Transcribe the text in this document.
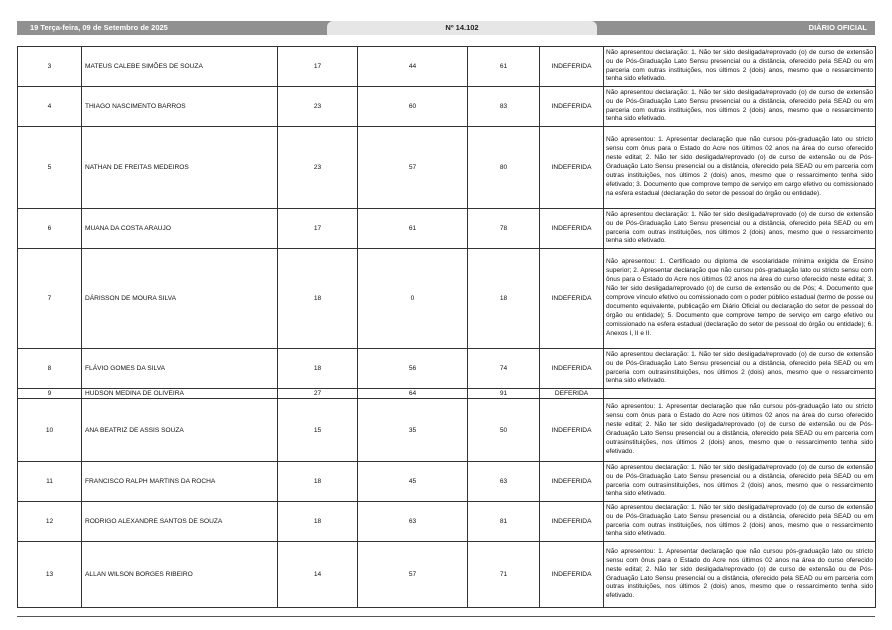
19 Terça-feira, 09 de Setembro de 2025	Nº 14.102	DIÁRIO OFICIAL
3	MATEUS CALEBE SIMÕES DE SOUZA	17	44	61	INDEFERIDA	Não apresentou declaração: 1. Não ter sido desligada/reprovado (o) de curso de extensão ou de Pós-Graduação Lato Sensu presencial ou a distância, oferecido pela SEAD ou em parceria com outras instituições, nos últimos 2 (dois) anos, mesmo que o ressarcimento tenha sido efetivado.
4	THIAGO NASCIMENTO BARROS	23	60	83	INDEFERIDA	Não apresentou declaração: 1. Não ter sido desligada/reprovado (o) de curso de extensão ou de Pós-Graduação Lato Sensu presencial ou a distância, oferecido pela SEAD ou em parceria com outras instituições, nos últimos 2 (dois) anos, mesmo que o ressarcimento tenha sido efetivado.
5	NATHAN DE FREITAS MEDEIROS	23	57	80	INDEFERIDA	Não apresentou: 1. Apresentar declaração que não cursou pós-graduação lato ou stricto sensu com ônus para o Estado do Acre nos últimos 02 anos na área do curso oferecido neste edital; 2. Não ter sido desligada/reprovado (o) de curso de extensão ou de Pós-Graduação Lato Sensu presencial ou a distância, oferecido pela SEAD ou em parceria com outras instituições, nos últimos 2 (dois) anos, mesmo que o ressarcimento tenha sido efetivado; 3. Documento que comprove tempo de serviço em cargo efetivo ou comissionado na esfera estadual (declaração do setor de pessoal do órgão ou entidade).
6	MUANA DA COSTA ARAUJO	17	61	78	INDEFERIDA	Não apresentou declaração: 1. Não ter sido desligada/reprovado (o) de curso de extensão ou de Pós-Graduação Lato Sensu presencial ou a distância, oferecido pela SEAD ou em parceria com outras instituições, nos últimos 2 (dois) anos, mesmo que o ressarcimento tenha sido efetivado.
7	DÁRISSON DE MOURA SILVA	18	0	18	INDEFERIDA	Não apresentou: 1. Certificado ou diploma de escolaridade mínima exigida de Ensino superior; 2. Apresentar declaração que não cursou pós-graduação lato ou stricto sensu com ônus para o Estado do Acre nos últimos 02 anos na área do curso oferecido neste edital; 3. Não ter sido desligada/reprovado (o) de curso de extensão ou de Pós; 4. Documento que comprove vínculo efetivo ou comissionado com o poder público estadual (termo de posse ou documento equivalente, publicação em Diário Oficial ou declaração do setor de pessoal do órgão ou entidade); 5. Documento que comprove tempo de serviço em cargo efetivo ou comissionado na esfera estadual (declaração do setor de pessoal do órgão ou entidade); 6. Anexos I, II e II.
8	FLÁVIO GOMES DA SILVA	18	56	74	INDEFERIDA	Não apresentou declaração: 1. Não ter sido desligada/reprovado (o) de curso de extensão ou de Pós-Graduação Lato Sensu presencial ou a distância, oferecido pela SEAD ou em parceria com outrasinstituições, nos últimos 2 (dois) anos, mesmo que o ressarcimento tenha sido efetivado.
9	HUDSON MEDINA DE OLIVEIRA	27	64	91	DEFERIDA	
10	ANA BEATRIZ DE ASSIS SOUZA	15	35	50	INDEFERIDA	Não apresentou: 1. Apresentar declaração que não cursou pós-graduação lato ou stricto sensu com ônus para o Estado do Acre nos últimos 02 anos na área do curso oferecido neste edital; 2. Não ter sido desligada/reprovado (o) de curso de extensão ou de Pós-Graduação Lato Sensu presencial ou a distância, oferecido pela SEAD ou em parceria com outrasinstituições, nos últimos 2 (dois) anos, mesmo que o ressarcimento tenha sido efetivado.
11	FRANCISCO RALPH MARTINS DA ROCHA	18	45	63	INDEFERIDA	Não apresentou declaração: 1. Não ter sido desligada/reprovado (o) de curso de extensão ou de Pós-Graduação Lato Sensu presencial ou a distância, oferecido pela SEAD ou em parceria com outrasinstituições, nos últimos 2 (dois) anos, mesmo que o ressarcimento tenha sido efetivado.
12	RODRIGO ALEXANDRE SANTOS DE SOUZA	18	63	81	INDEFERIDA	Não apresentou declaração: 1. Não ter sido desligada/reprovado (o) de curso de extensão ou de Pós-Graduação Lato Sensu presencial ou a distância, oferecido pela SEAD ou em parceria com outras instituições, nos últimos 2 (dois) anos, mesmo que o ressarcimento tenha sido efetivado.
13	ALLAN WILSON BORGES RIBEIRO	14	57	71	INDEFERIDA	Não apresentou: 1. Apresentar declaração que não cursou pós-graduação lato ou stricto sensu com ônus para o Estado do Acre nos últimos 02 anos na área do curso oferecido neste edital; 2. Não ter sido desligada/reprovado (o) de curso de extensão ou de Pós-Graduação Lato Sensu presencial ou a distância, oferecido pela SEAD ou em parceria com outras instituições, nos últimos 2 (dois) anos, mesmo que o ressarcimento tenha sido efetivado.
